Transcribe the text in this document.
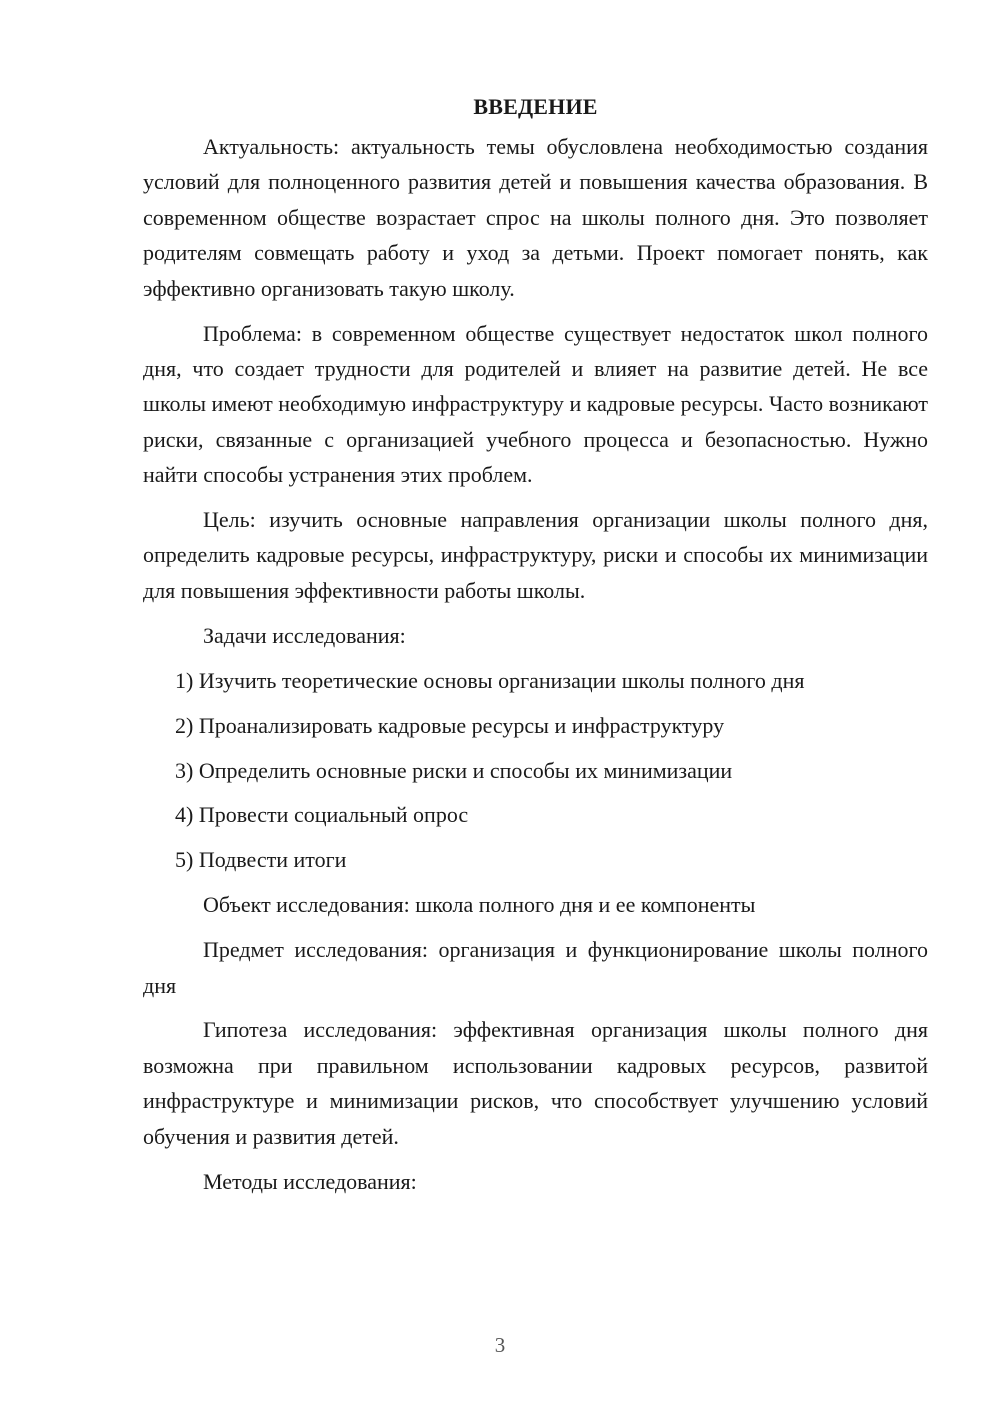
ВВЕДЕНИЕ

Актуальность: актуальность темы обусловлена необходимостью создания условий для полноценного развития детей и повышения качества образования. В современном обществе возрастает спрос на школы полного дня. Это позволяет родителям совмещать работу и уход за детьми. Проект помогает понять, как эффективно организовать такую школу.

Проблема: в современном обществе существует недостаток школ полного дня, что создает трудности для родителей и влияет на развитие детей. Не все школы имеют необходимую инфраструктуру и кадровые ресурсы. Часто возникают риски, связанные с организацией учебного процесса и безопасностью. Нужно найти способы устранения этих проблем.

Цель: изучить основные направления организации школы полного дня, определить кадровые ресурсы, инфраструктуру, риски и способы их минимизации для повышения эффективности работы школы.

Задачи исследования:

1) Изучить теоретические основы организации школы полного дня

2) Проанализировать кадровые ресурсы и инфраструктуру

3) Определить основные риски и способы их минимизации

4) Провести социальный опрос

5) Подвести итоги

Объект исследования: школа полного дня и ее компоненты

Предмет исследования: организация и функционирование школы полного дня

Гипотеза исследования: эффективная организация школы полного дня возможна при правильном использовании кадровых ресурсов, развитой инфраструктуре и минимизации рисков, что способствует улучшению условий обучения и развития детей.

Методы исследования:

3
